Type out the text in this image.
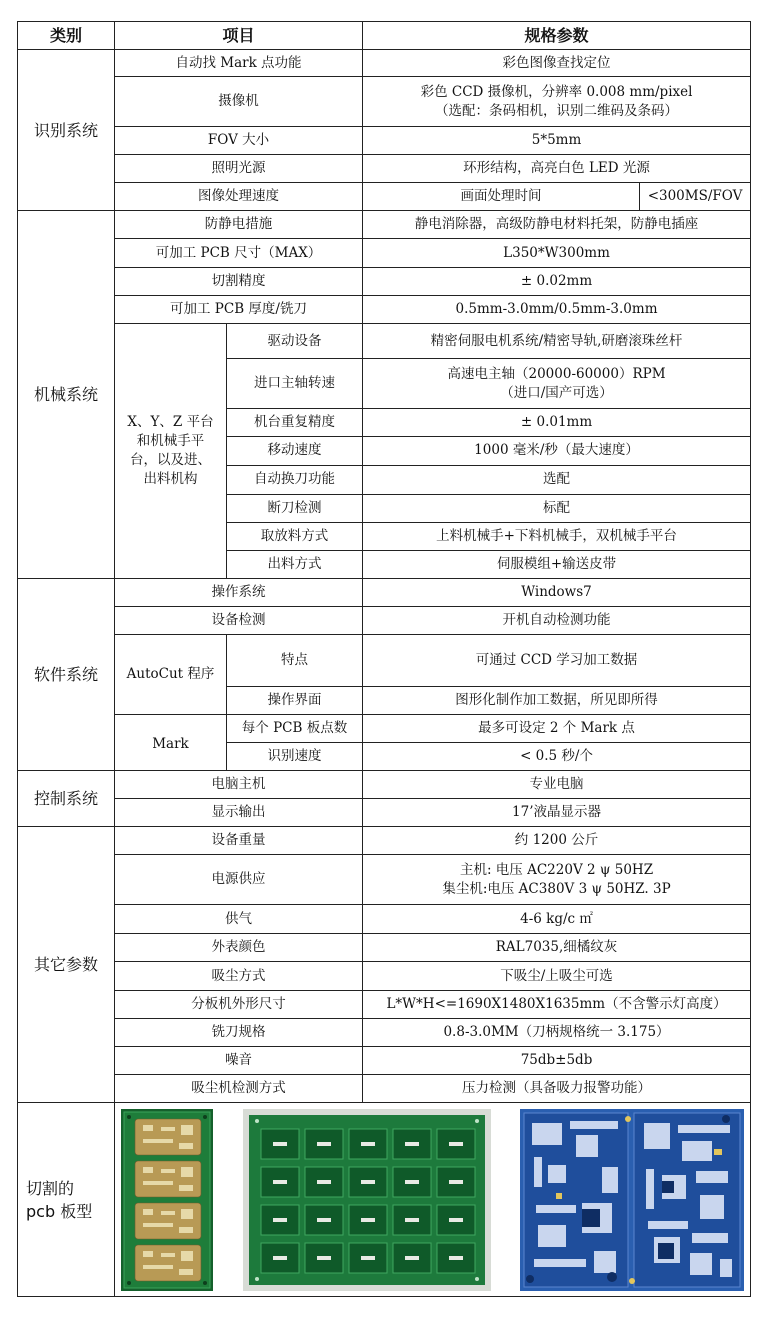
类别	项目		规格参数	
识别系统	自动找 Mark 点功能		彩色图像查找定位	
	摄像机		彩色 CCD 摄像机，分辨率 0.008 mm/pixel
（选配：条码相机，识别二维码及条码）	

	FOV 大小		5*5mm	
	照明光源		环形结构，高亮白色 LED 光源	
	图像处理速度		画面处理时间	<300MS/FOV
机械系统	防静电措施		静电消除器，高级防静电材料托架，防静电插座	
	可加工 PCB 尺寸（MAX）		L350*W300mm	
	切割精度		± 0.02mm	
	可加工 PCB 厚度/铣刀		0.5mm-3.0mm/0.5mm-3.0mm	

	X、Y、Z 平台
和机械手平
台，以及进、
出料机构	驱动设备	精密伺服电机系统/精密导轨,研磨滚珠丝杆	
		进口主轴转速	高速电主轴（20000-60000）RPM
（进口/国产可选）	

		机台重复精度	± 0.01mm	
		移动速度	1000 毫米/秒（最大速度）	
		自动换刀功能	选配	
		断刀检测	标配	
		取放料方式	上料机械手+下料机械手，双机械手平台	
		出料方式	伺服模组+输送皮带	
软件系统	操作系统		Windows7	
	设备检测		开机自动检测功能	
	AutoCut 程序	特点	可通过 CCD 学习加工数据	
		操作界面	图形化制作加工数据，所见即所得	
	Mark	每个 PCB 板点数	最多可设定 2 个 Mark 点	
		识别速度	< 0.5 秒/个	
控制系统	电脑主机		专业电脑	
	显示输出		17’液晶显示器	
其它参数	设备重量		约 1200 公斤	
	电源供应		主机: 电压 AC220V 2 ψ 50HZ
集尘机:电压 AC380V 3 ψ 50HZ. 3P	

	供气		4-6 kg/c ㎡	
	外表颜色		RAL7035,细橘纹灰	
	吸尘方式		下吸尘/上吸尘可选	
	分板机外形尺寸		L*W*H<=1690X1480X1635mm（不含警示灯高度）	
	铣刀规格		0.8-3.0MM（刀柄规格统一 3.175）	
	噪音		75db±5db	
	吸尘机检测方式		压力检测（具备吸力报警功能）	

切割的
pcb 板型
